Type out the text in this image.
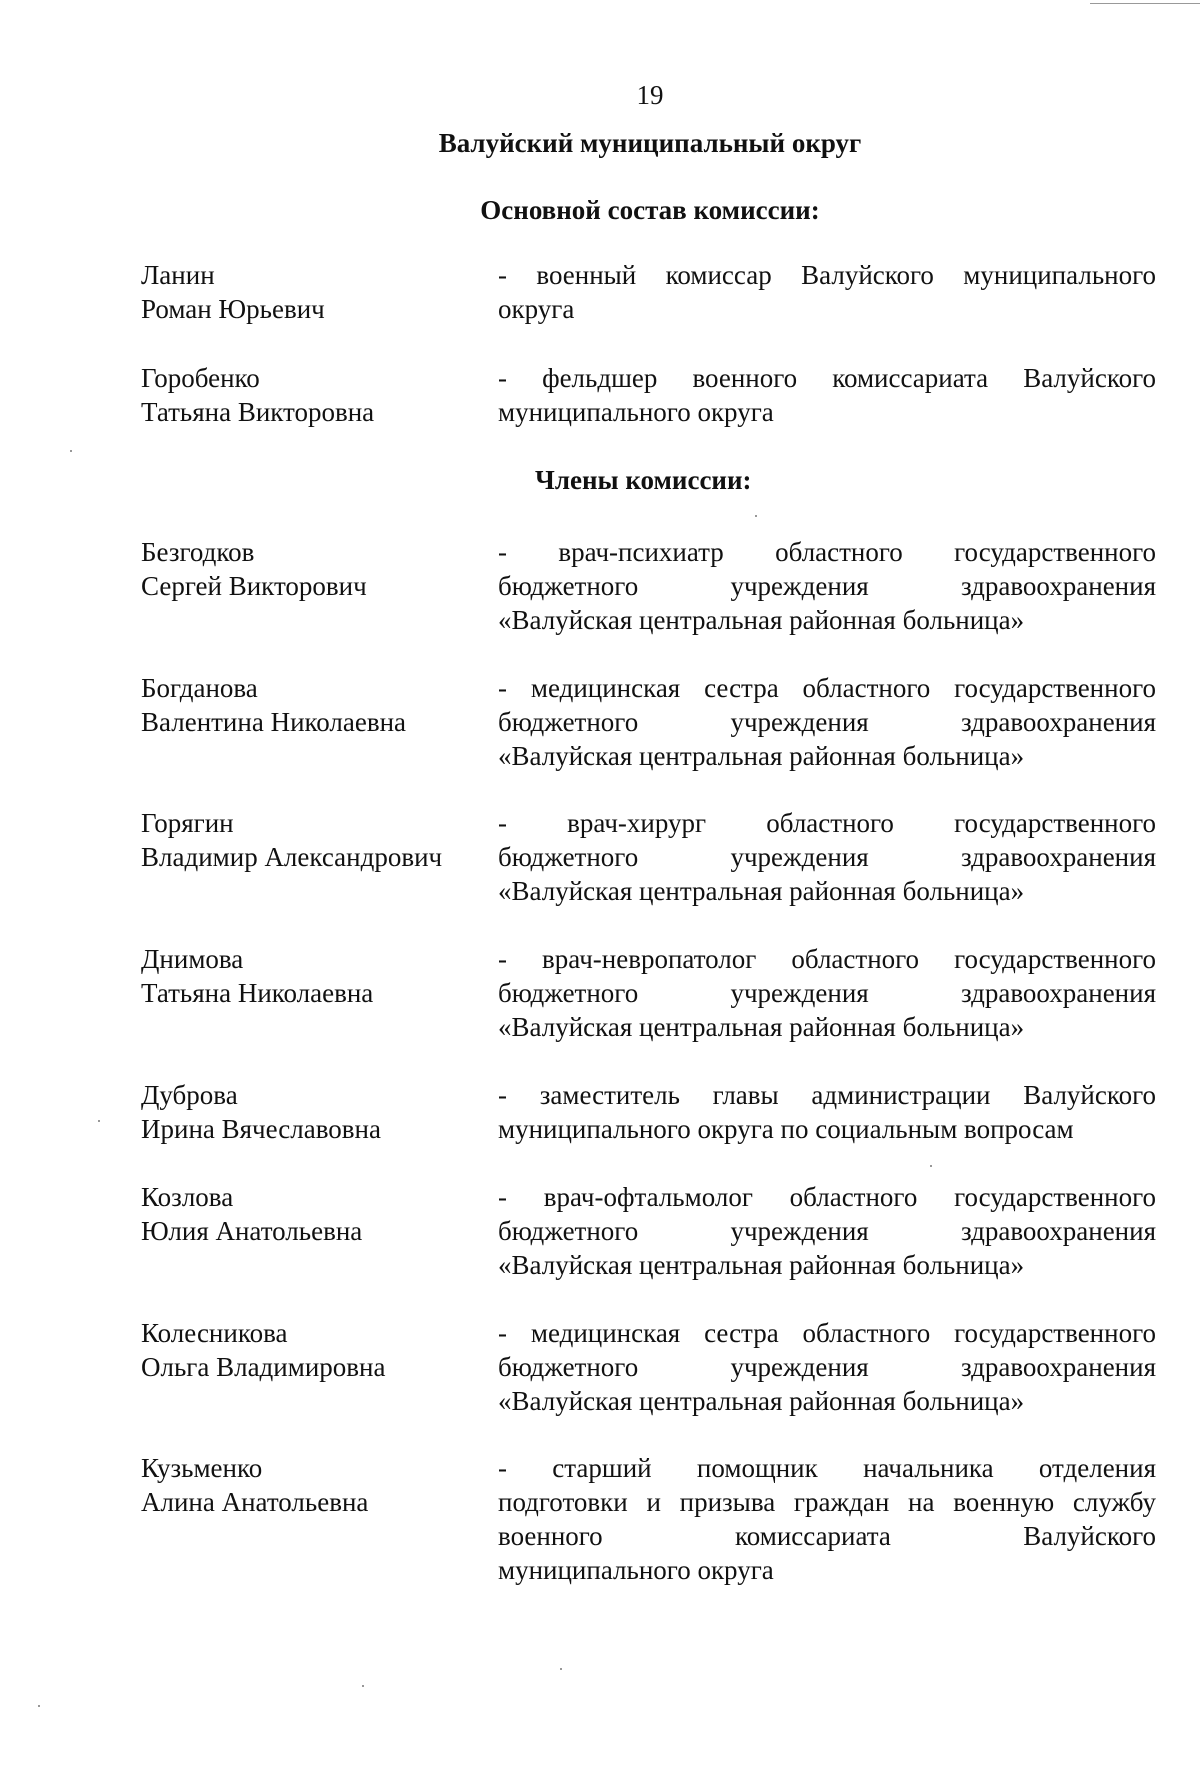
19
Валуйский муниципальный округ
Основной состав комиссии:
Ланин
Роман Юрьевич
- военный комиссар Валуйского муниципального
округа
Горобенко
Татьяна Викторовна
- фельдшер военного комиссариата Валуйского
муниципального округа
Члены комиссии:
Безгодков
Сергей Викторович
- врач-психиатр областного государственного
бюджетного учреждения здравоохранения
«Валуйская центральная районная больница»
Богданова
Валентина Николаевна
- медицинская сестра областного государственного
бюджетного учреждения здравоохранения
«Валуйская центральная районная больница»
Горягин
Владимир Александрович
- врач-хирург областного государственного
бюджетного учреждения здравоохранения
«Валуйская центральная районная больница»
Днимова
Татьяна Николаевна
- врач-невропатолог областного государственного
бюджетного учреждения здравоохранения
«Валуйская центральная районная больница»
Дуброва
Ирина Вячеславовна
- заместитель главы администрации Валуйского
муниципального округа по социальным вопросам
Козлова
Юлия Анатольевна
- врач-офтальмолог областного государственного
бюджетного учреждения здравоохранения
«Валуйская центральная районная больница»
Колесникова
Ольга Владимировна
- медицинская сестра областного государственного
бюджетного учреждения здравоохранения
«Валуйская центральная районная больница»
Кузьменко
Алина Анатольевна
- старший помощник начальника отделения
подготовки и призыва граждан на военную службу
военного комиссариата Валуйского
муниципального округа
